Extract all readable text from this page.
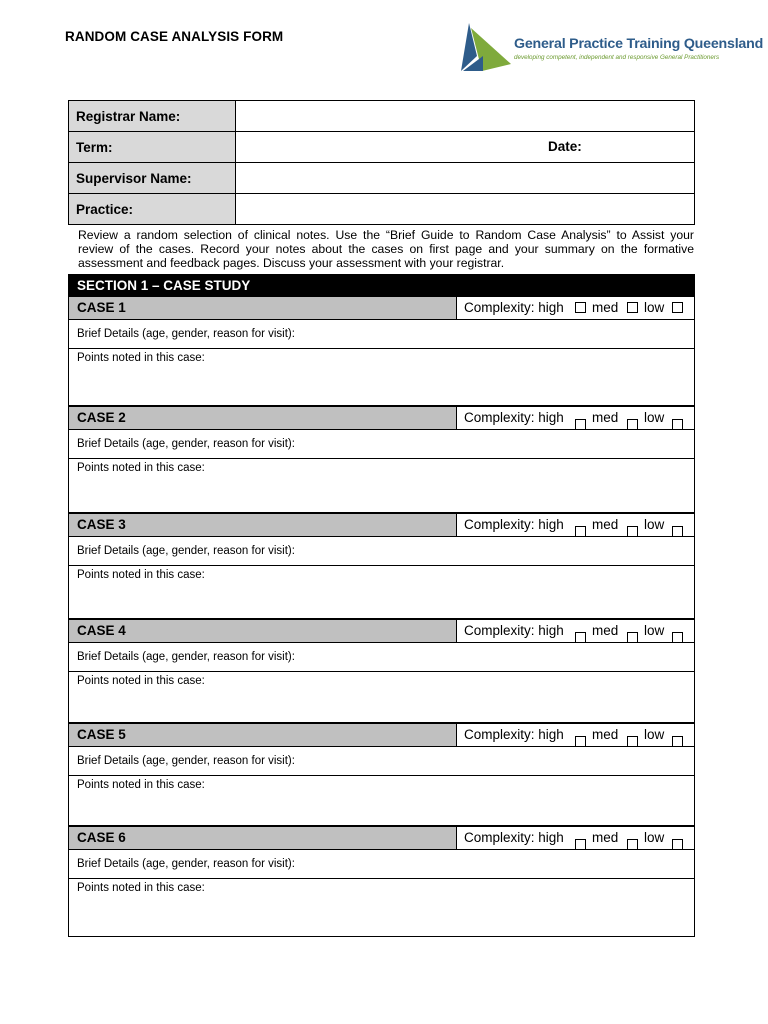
RANDOM CASE ANALYSIS FORM	General Practice Training Queensland
developing competent, independent and responsive General Practitioners
Registrar Name:	
Term:	Date:

Supervisor Name:	
Practice:	
Review a random selection of clinical notes. Use the “Brief Guide to Random Case Analysis” to Assist your
review of the cases. Record your notes about the cases on first page and your summary on the formative
assessment and feedback pages. Discuss your assessment with your registrar.
SECTION 1 – CASE STUDY
CASE 1	Complexity: high med low
Brief Details (age, gender, reason for visit):
Points noted in this case:
CASE 2	Complexity: high med low
Brief Details (age, gender, reason for visit):
Points noted in this case:
CASE 3	Complexity: high med low
Brief Details (age, gender, reason for visit):
Points noted in this case:
CASE 4	Complexity: high med low
Brief Details (age, gender, reason for visit):
Points noted in this case:
CASE 5	Complexity: high med low
Brief Details (age, gender, reason for visit):
Points noted in this case:
CASE 6	Complexity: high med low
Brief Details (age, gender, reason for visit):
Points noted in this case:
